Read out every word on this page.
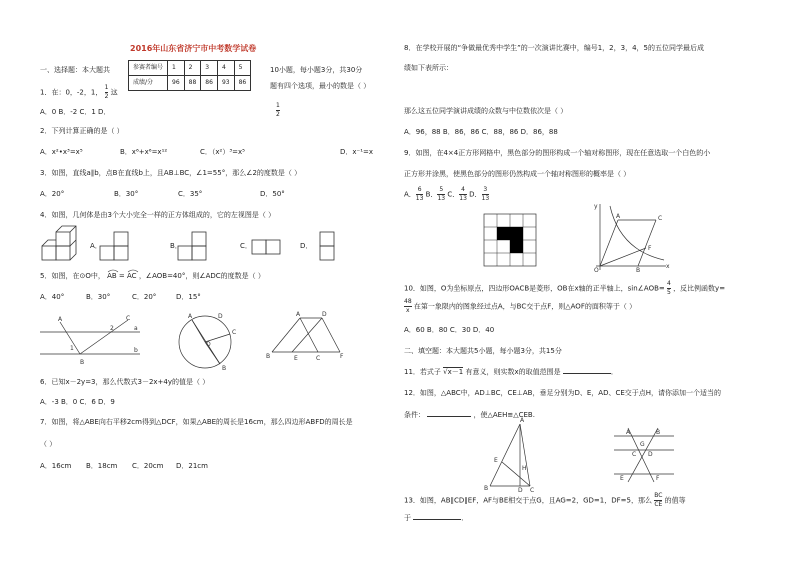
2016年山东省济宁市中考数学试卷
一、选择题：本大题共	10小题，每小题3分，共30分
题有四个选项，最小的数是（ ）
参赛者编号	1	2	3	4	5
成绩/分	96	88	86	93	86
1．在：0，-2，1， $\frac{1}{2}$ 这
$\frac{1}{2}$
A．0 B．-2 C．1 D．
2．下列计算正确的是（ ）
A．x²•x³=x⁵	B．x⁶+x⁶=x¹²	C．（x²）³=x⁵	D．x⁻¹=x
3．如图，直线a∥b，点B在直线b上，且AB⊥BC，∠1=55°，那么∠2的度数是（ ）
A．20°	B．30°	C．35°	D．50°
4．如图，几何体是由3个大小完全一样的正方体组成的，它的左视图是（ ）
A．	B．	C．	D．
5．如图，在⊙O中， AB = AC ，∠AOB=40°，则∠ADC的度数是（ ）
A．40°	B．30°	C．20°	D．15°
A
B
C
a
b
2
1
A
C
O
B
D
B	E	C	F
A	D
6．已知x－2y=3，那么代数式3－2x+4y的值是（ ）
A．-3 B．0 C．6 D．9
7．如图，将△ABE向右平移2cm得到△DCF，如果△ABE的周长是16cm，那么四边形ABFD的周长是
（ ）
A．16cm B．18cm C．20cm D．21cm
8．在学校开展的“争做最优秀中学生”的一次演讲比赛中，编号1，2，3，4，5的五位同学最后成
绩如下表所示：
那么这五位同学演讲成绩的众数与中位数依次是（ ）
A．96，88 B．86，86 C．88，86 D．86，88
9．如图，在4×4正方形网格中，黑色部分的图形构成一个轴对称图形，现在任意选取一个白色的小
正方形并涂黑，使黑色部分的图形仍然构成一个轴对称图形的概率是（ ）
A． $\frac{6}{13}$ B． $\frac{5}{13}$ C． $\frac{4}{13}$ D． $\frac{3}{13}$
O
A	C
B
F
x
y
10．如图，O为坐标原点，四边形OACB是菱形，OB在x轴的正半轴上，sin∠AOB= $\frac{4}{5}$ ，反比例函数y=
$\frac{48}{x}$ 在第一象限内的图象经过点A，与BC交于点F，则△AOF的面积等于（ ）
A．60 B．80 C．30 D．40
二、填空题：本大题共5小题，每小题3分，共15分
11．若式子 √x－1 有意义，则实数x的取值范围是	．
12．如图，△ABC中，AD⊥BC，CE⊥AB，垂足分别为D、E，AD、CE交于点H，请你添加一个适当的
条件：	，使△AEH≌△CEB.
A
B	C
D
E
H
A	B
G
C D
E	F
13．如图，AB∥CD∥EF，AF与BE相交于点G，且AG=2，GD=1，DF=5，那么 $\frac{BC}{CE}$ 的值等
于	．
